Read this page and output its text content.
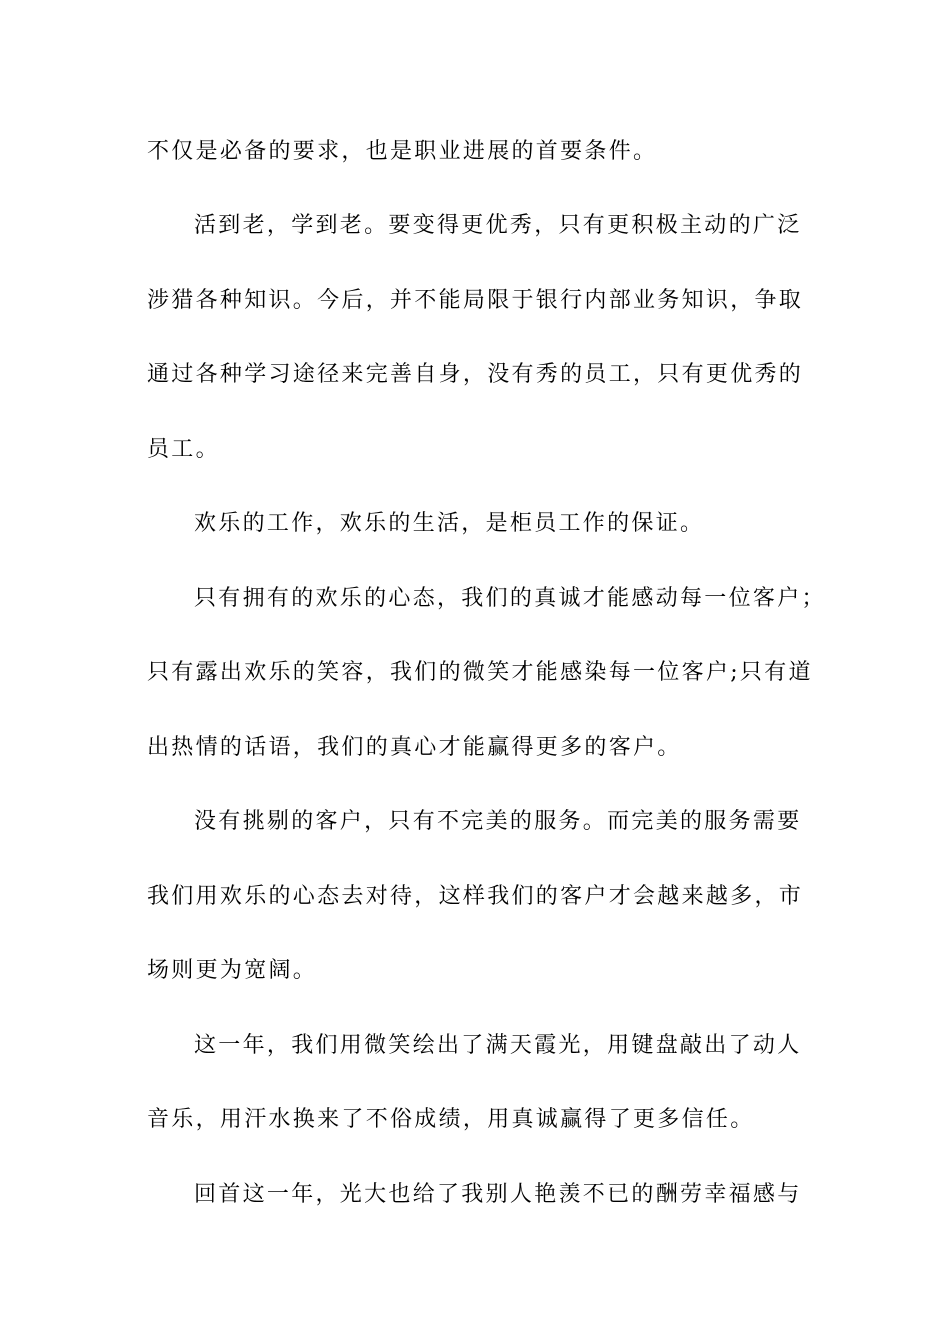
不仅是必备的要求，也是职业进展的首要条件。
活到老，学到老。要变得更优秀，只有更积极主动的广泛
涉猎各种知识。今后，并不能局限于银行内部业务知识，争取
通过各种学习途径来完善自身，没有秀的员工，只有更优秀的
员工。
欢乐的工作，欢乐的生活，是柜员工作的保证。
只有拥有的欢乐的心态，我们的真诚才能感动每一位客户；
只有露出欢乐的笑容，我们的微笑才能感染每一位客户;只有道
出热情的话语，我们的真心才能赢得更多的客户。
没有挑剔的客户，只有不完美的服务。而完美的服务需要
我们用欢乐的心态去对待，这样我们的客户才会越来越多，市
场则更为宽阔。
这一年，我们用微笑绘出了满天霞光，用键盘敲出了动人
音乐，用汗水换来了不俗成绩，用真诚赢得了更多信任。
回首这一年，光大也给了我别人艳羡不已的酬劳幸福感与
